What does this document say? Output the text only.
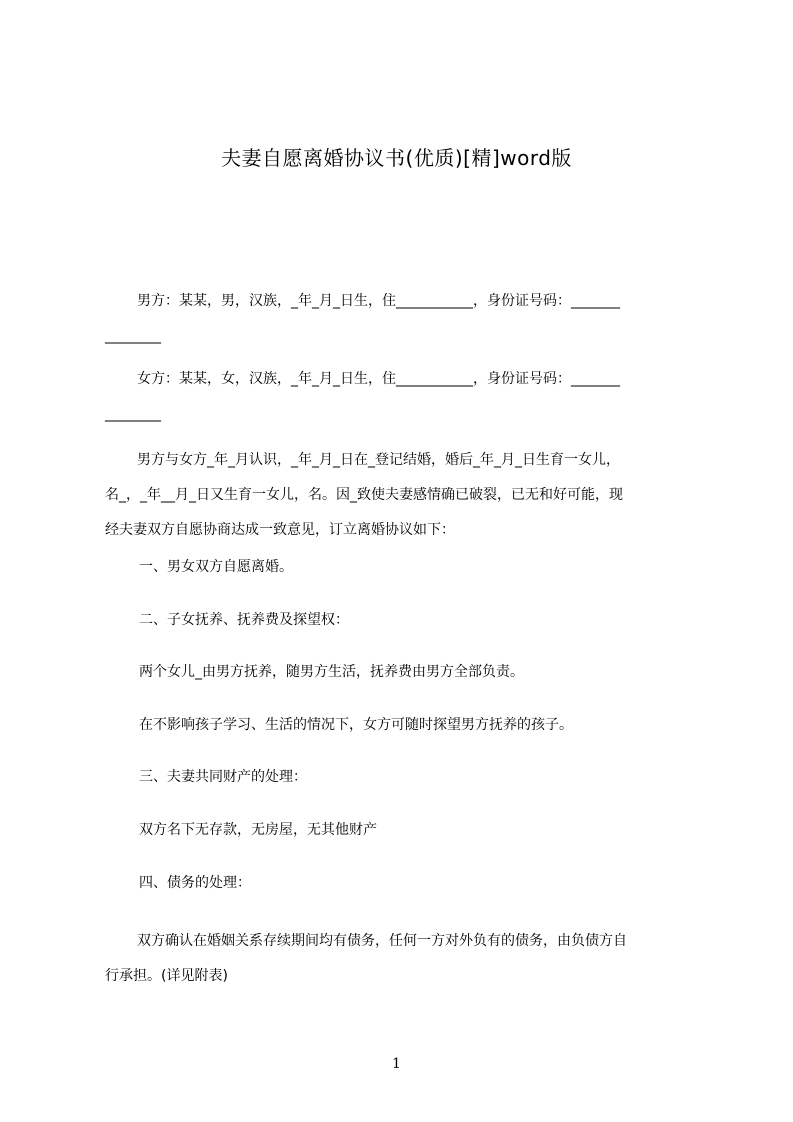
夫妻自愿离婚协议书(优质)[精]word版
男方：某某，男，汉族，_年_月_日生，住___________，身份证号码：_______
________
女方：某某，女，汉族，_年_月_日生，住___________，身份证号码：_______
________
男方与女方_年_月认识，_年_月_日在_登记结婚，婚后_年_月_日生育一女儿，
名_，_年__月_日又生育一女儿，名。因_致使夫妻感情确已破裂，已无和好可能，现
经夫妻双方自愿协商达成一致意见，订立离婚协议如下：
一、男女双方自愿离婚。
二、子女抚养、抚养费及探望权：
两个女儿_由男方抚养，随男方生活，抚养费由男方全部负责。
在不影响孩子学习、生活的情况下，女方可随时探望男方抚养的孩子。
三、夫妻共同财产的处理：
双方名下无存款，无房屋，无其他财产
四、债务的处理：
双方确认在婚姻关系存续期间均有债务，任何一方对外负有的债务，由负债方自
行承担。(详见附表)
1
